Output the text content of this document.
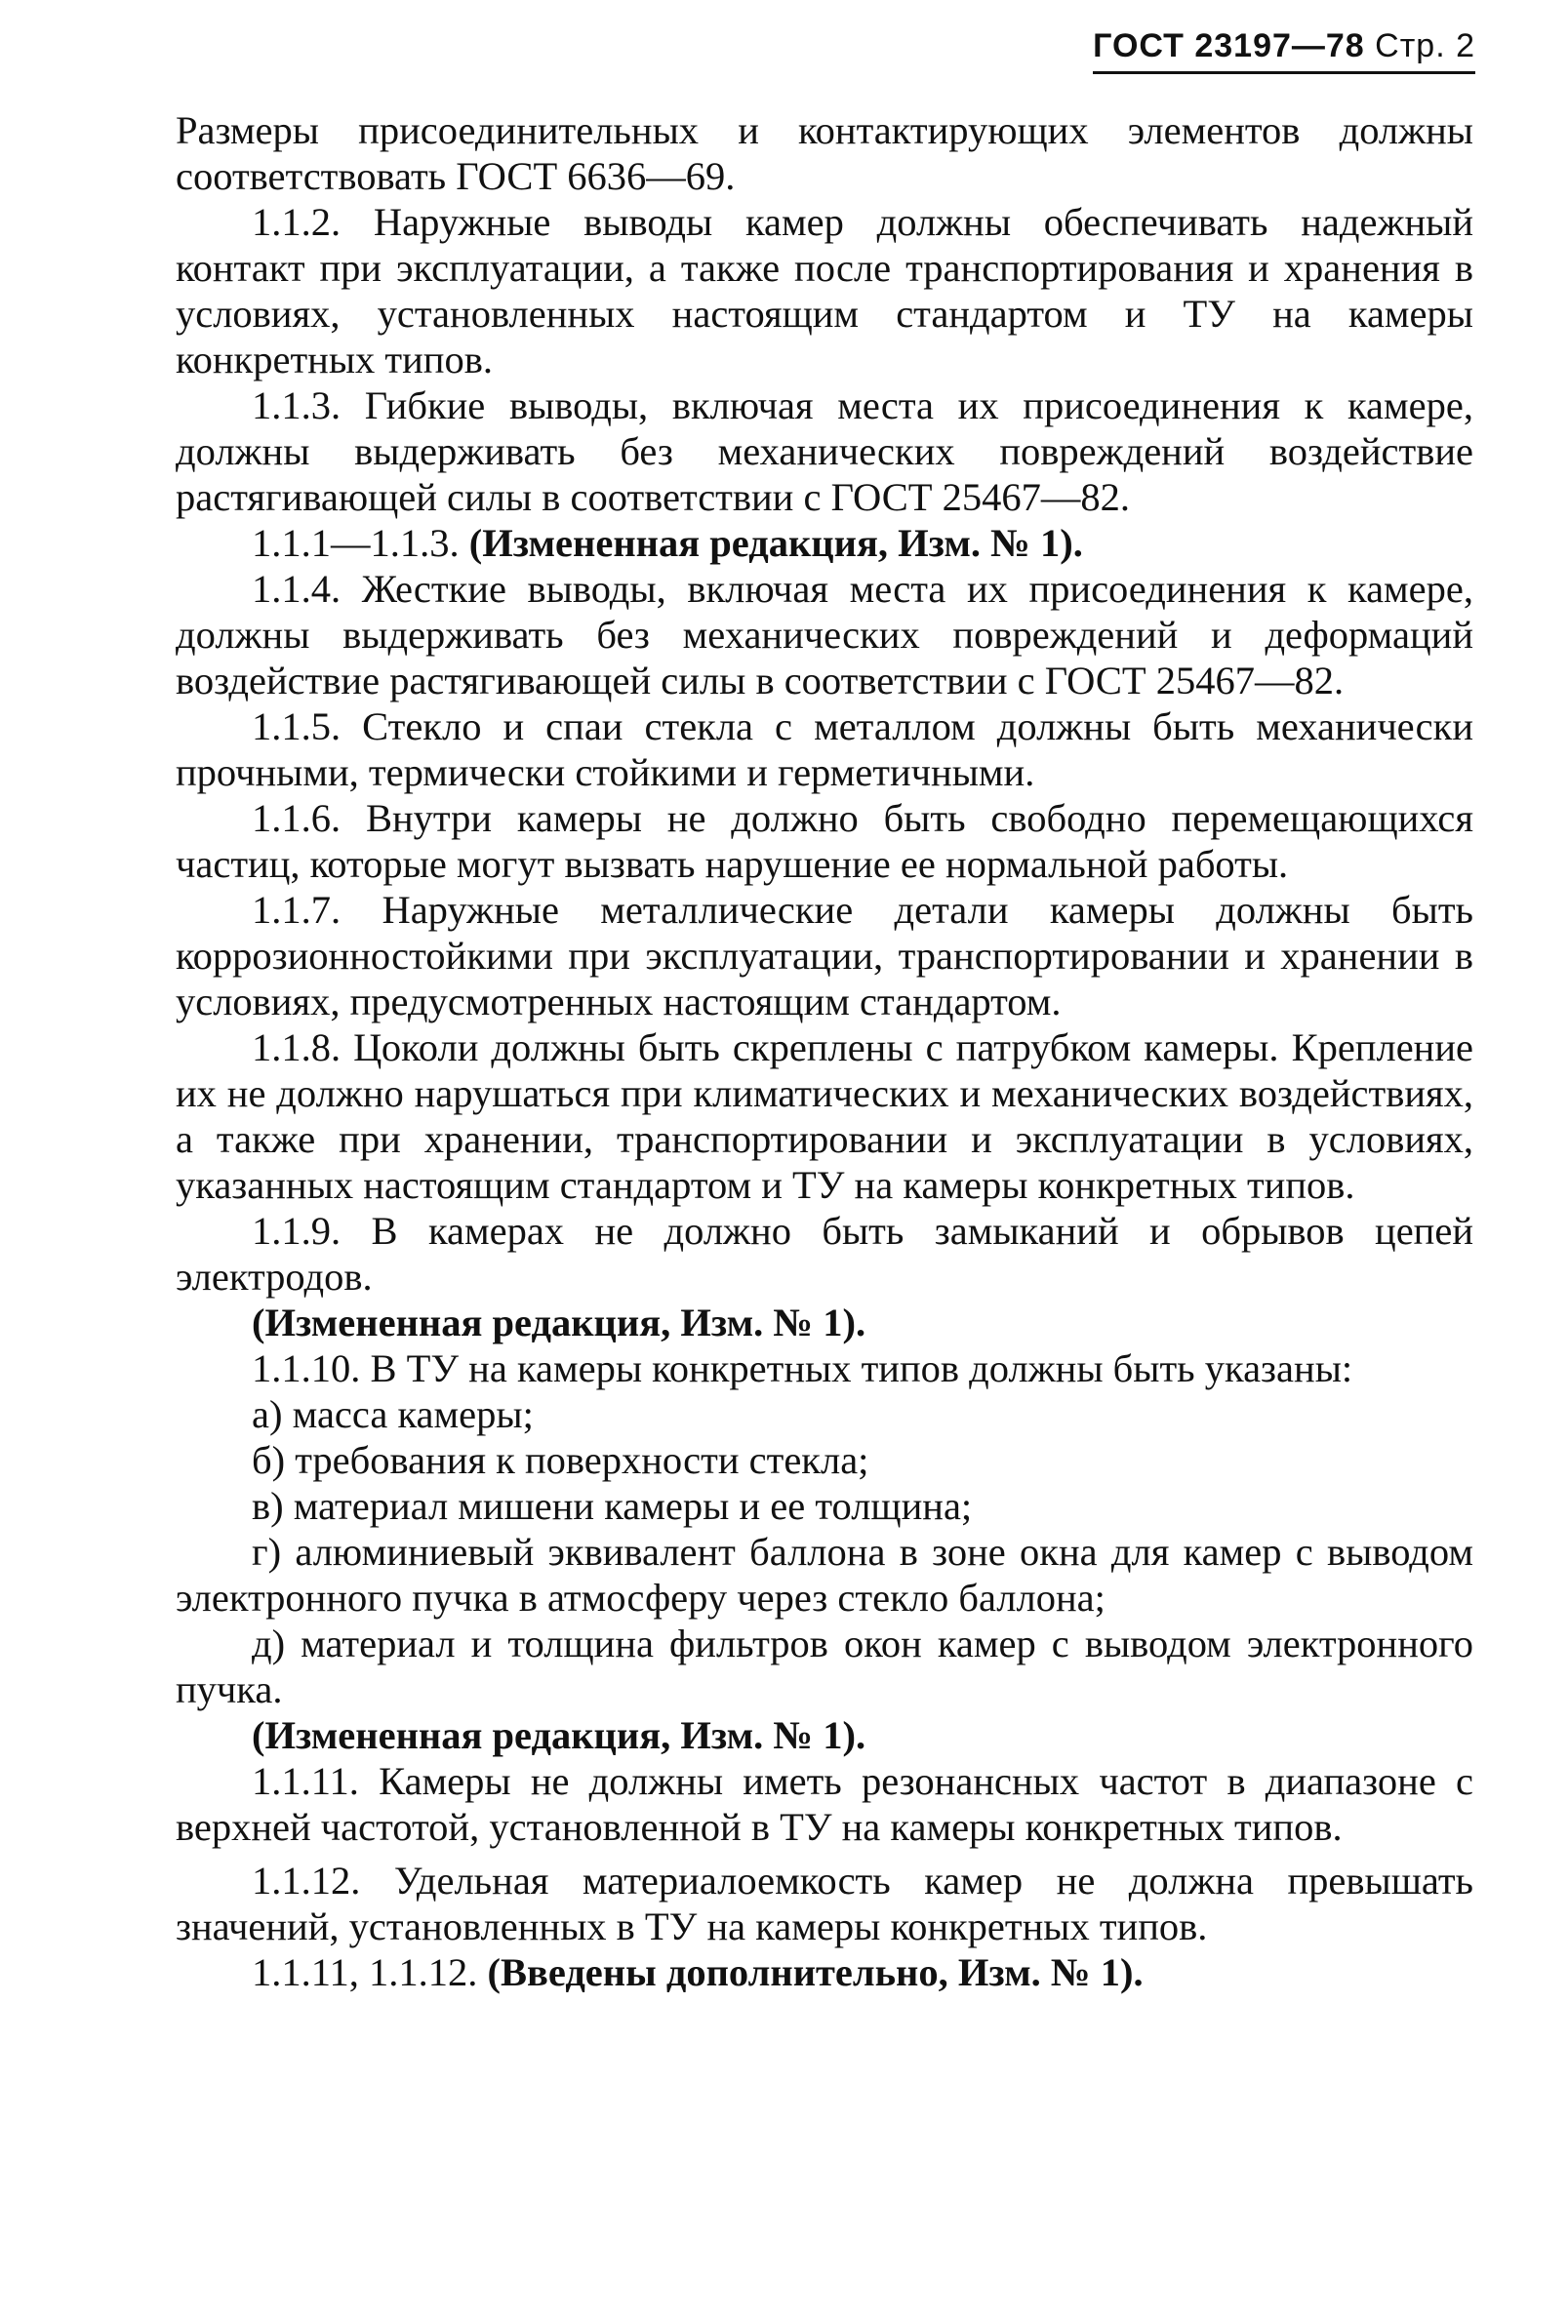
ГОСТ 23197—78 Стр. 2

Размеры присоединительных и контактирующих элементов должны соответствовать ГОСТ 6636—69.

1.1.2. Наружные выводы камер должны обеспечивать надежный контакт при эксплуатации, а также после транспортирования и хранения в условиях, установленных настоящим стандартом и ТУ на камеры конкретных типов.

1.1.3. Гибкие выводы, включая места их присоединения к камере, должны выдерживать без механических повреждений воздействие растягивающей силы в соответствии с ГОСТ 25467—82.

1.1.1—1.1.3. (Измененная редакция, Изм. № 1).

1.1.4. Жесткие выводы, включая места их присоединения к камере, должны выдерживать без механических повреждений и деформаций воздействие растягивающей силы в соответствии с ГОСТ 25467—82.

1.1.5. Стекло и спаи стекла с металлом должны быть механически прочными, термически стойкими и герметичными.

1.1.6. Внутри камеры не должно быть свободно перемещающихся частиц, которые могут вызвать нарушение ее нормальной работы.

1.1.7. Наружные металлические детали камеры должны быть коррозионностойкими при эксплуатации, транспортировании и хранении в условиях, предусмотренных настоящим стандартом.

1.1.8. Цоколи должны быть скреплены с патрубком камеры. Крепление их не должно нарушаться при климатических и механических воздействиях, а также при хранении, транспортировании и эксплуатации в условиях, указанных настоящим стандартом и ТУ на камеры конкретных типов.

1.1.9. В камерах не должно быть замыканий и обрывов цепей электродов.

(Измененная редакция, Изм. № 1).

1.1.10. В ТУ на камеры конкретных типов должны быть указаны:

а) масса камеры;

б) требования к поверхности стекла;

в) материал мишени камеры и ее толщина;

г) алюминиевый эквивалент баллона в зоне окна для камер с выводом электронного пучка в атмосферу через стекло баллона;

д) материал и толщина фильтров окон камер с выводом электронного пучка.

(Измененная редакция, Изм. № 1).

1.1.11. Камеры не должны иметь резонансных частот в диапазоне с верхней частотой, установленной в ТУ на камеры конкретных типов.

1.1.12. Удельная материалоемкость камер не должна превышать значений, установленных в ТУ на камеры конкретных типов.

1.1.11, 1.1.12. (Введены дополнительно, Изм. № 1).
